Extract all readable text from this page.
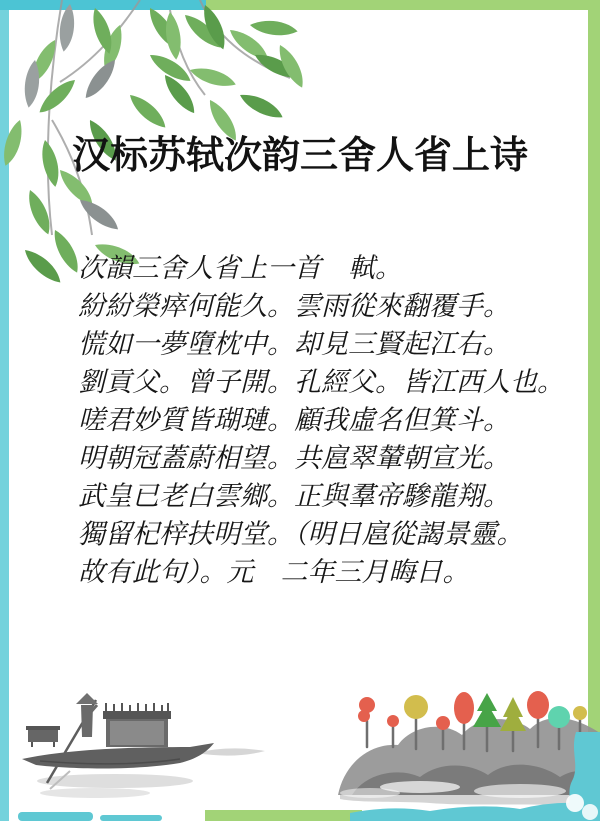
汉标苏轼次韵三舍人省上诗
次韻三舍人省上一首　軾。
紛紛榮瘁何能久。雲雨從來翻覆手。
慌如一夢墮枕中。却見三賢起江右。
劉貢父。曾子開。孔經父。皆江西人也。
嗟君妙質皆瑚璉。顧我虛名但箕斗。
明朝冠蓋蔚相望。共扈翠輦朝宣光。
武皇已老白雲鄉。正與羣帝驂龍翔。
獨留杞梓扶明堂。（明日扈從謁景靈。
故有此句）。元　二年三月晦日。
